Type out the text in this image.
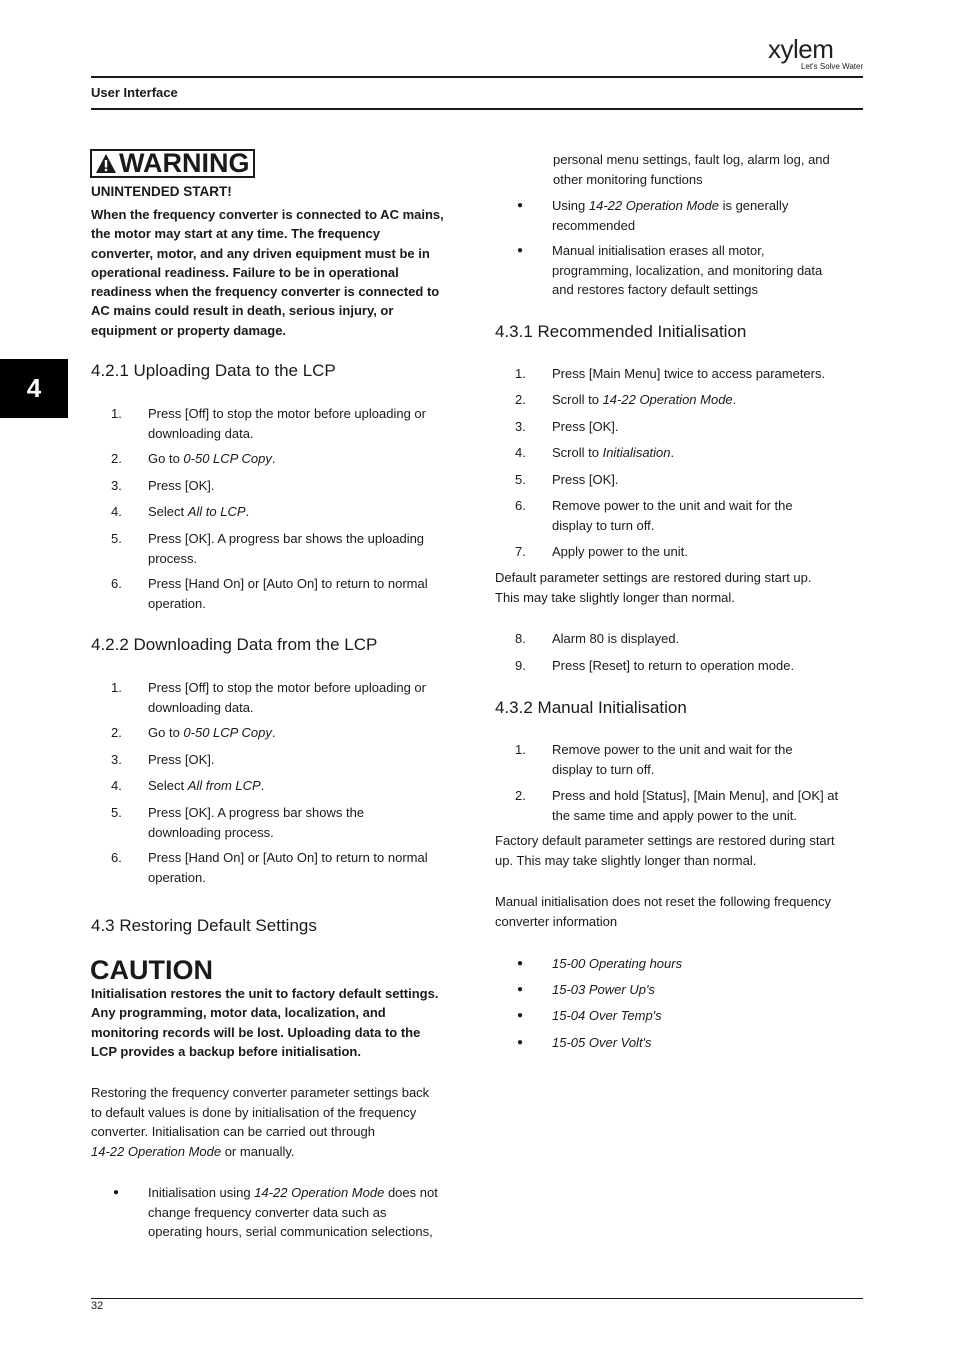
xylem
Let's Solve Water
User Interface
4
WARNING
UNINTENDED START!
When the frequency converter is connected to AC mains,
the motor may start at any time. The frequency
converter, motor, and any driven equipment must be in
operational readiness. Failure to be in operational
readiness when the frequency converter is connected to
AC mains could result in death, serious injury, or
equipment or property damage.
4.2.1 Uploading Data to the LCP
1. Press [Off] to stop the motor before uploading or
downloading data.
2. Go to 0-50 LCP Copy.
3. Press [OK].
4. Select All to LCP.
5. Press [OK]. A progress bar shows the uploading
process.
6. Press [Hand On] or [Auto On] to return to normal
operation.
4.2.2 Downloading Data from the LCP
1. Press [Off] to stop the motor before uploading or
downloading data.
2. Go to 0-50 LCP Copy.
3. Press [OK].
4. Select All from LCP.
5. Press [OK]. A progress bar shows the
downloading process.
6. Press [Hand On] or [Auto On] to return to normal
operation.
4.3 Restoring Default Settings
CAUTION
Initialisation restores the unit to factory default settings.
Any programming, motor data, localization, and
monitoring records will be lost. Uploading data to the
LCP provides a backup before initialisation.
Restoring the frequency converter parameter settings back
to default values is done by initialisation of the frequency
converter. Initialisation can be carried out through
14-22 Operation Mode or manually.
● Initialisation using 14-22 Operation Mode does not
change frequency converter data such as
operating hours, serial communication selections,
personal menu settings, fault log, alarm log, and
other monitoring functions
● Using 14-22 Operation Mode is generally
recommended
● Manual initialisation erases all motor,
programming, localization, and monitoring data
and restores factory default settings
4.3.1 Recommended Initialisation
1. Press [Main Menu] twice to access parameters.
2. Scroll to 14-22 Operation Mode.
3. Press [OK].
4. Scroll to Initialisation.
5. Press [OK].
6. Remove power to the unit and wait for the
display to turn off.
7. Apply power to the unit.
Default parameter settings are restored during start up.
This may take slightly longer than normal.
8. Alarm 80 is displayed.
9. Press [Reset] to return to operation mode.
4.3.2 Manual Initialisation
1. Remove power to the unit and wait for the
display to turn off.
2. Press and hold [Status], [Main Menu], and [OK] at
the same time and apply power to the unit.
Factory default parameter settings are restored during start
up. This may take slightly longer than normal.
Manual initialisation does not reset the following frequency
converter information
● 15-00 Operating hours
● 15-03 Power Up's
● 15-04 Over Temp's
● 15-05 Over Volt's
32
